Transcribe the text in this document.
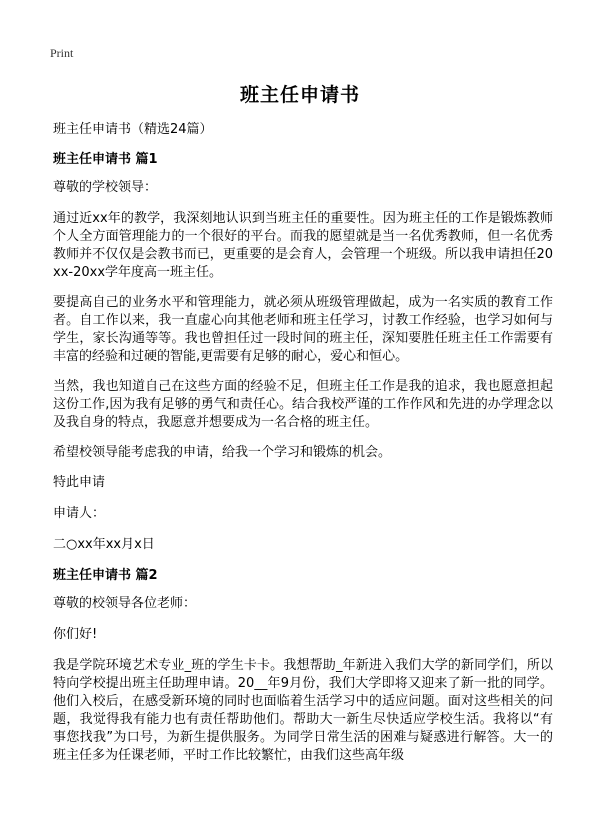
Print
班主任申请书

班主任申请书（精选24篇）

班主任申请书 篇1

尊敬的学校领导：

通过近xx年的教学，我深刻地认识到当班主任的重要性。因为班主任的工作是锻炼教师个人全方面管理能力的一个很好的平台。而我的愿望就是当一名优秀教师，但一名优秀教师并不仅仅是会教书而已，更重要的是会育人，会管理一个班级。所以我申请担任20xx-20xx学年度高一班主任。

要提高自己的业务水平和管理能力，就必须从班级管理做起，成为一名实质的教育工作者。自工作以来，我一直虚心向其他老师和班主任学习，讨教工作经验，也学习如何与学生，家长沟通等等。我也曾担任过一段时间的班主任，深知要胜任班主任工作需要有丰富的经验和过硬的智能,更需要有足够的耐心，爱心和恒心。

当然，我也知道自己在这些方面的经验不足，但班主任工作是我的追求，我也愿意担起这份工作,因为我有足够的勇气和责任心。结合我校严谨的工作作风和先进的办学理念以及我自身的特点，我愿意并想要成为一名合格的班主任。

希望校领导能考虑我的申请，给我一个学习和锻炼的机会。

特此申请

申请人：

二○xx年xx月x日

班主任申请书 篇2

尊敬的校领导各位老师：

你们好!

我是学院环境艺术专业_班的学生卡卡。我想帮助_年新进入我们大学的新同学们，所以特向学校提出班主任助理申请。20__年9月份，我们大学即将又迎来了新一批的同学。他们入校后，在感受新环境的同时也面临着生活学习中的适应问题。面对这些相关的问题，我觉得我有能力也有责任帮助他们。帮助大一新生尽快适应学校生活。我将以“有事您找我”为口号，为新生提供服务。为同学日常生活的困难与疑惑进行解答。大一的班主任多为任课老师，平时工作比较繁忙，由我们这些高年级
